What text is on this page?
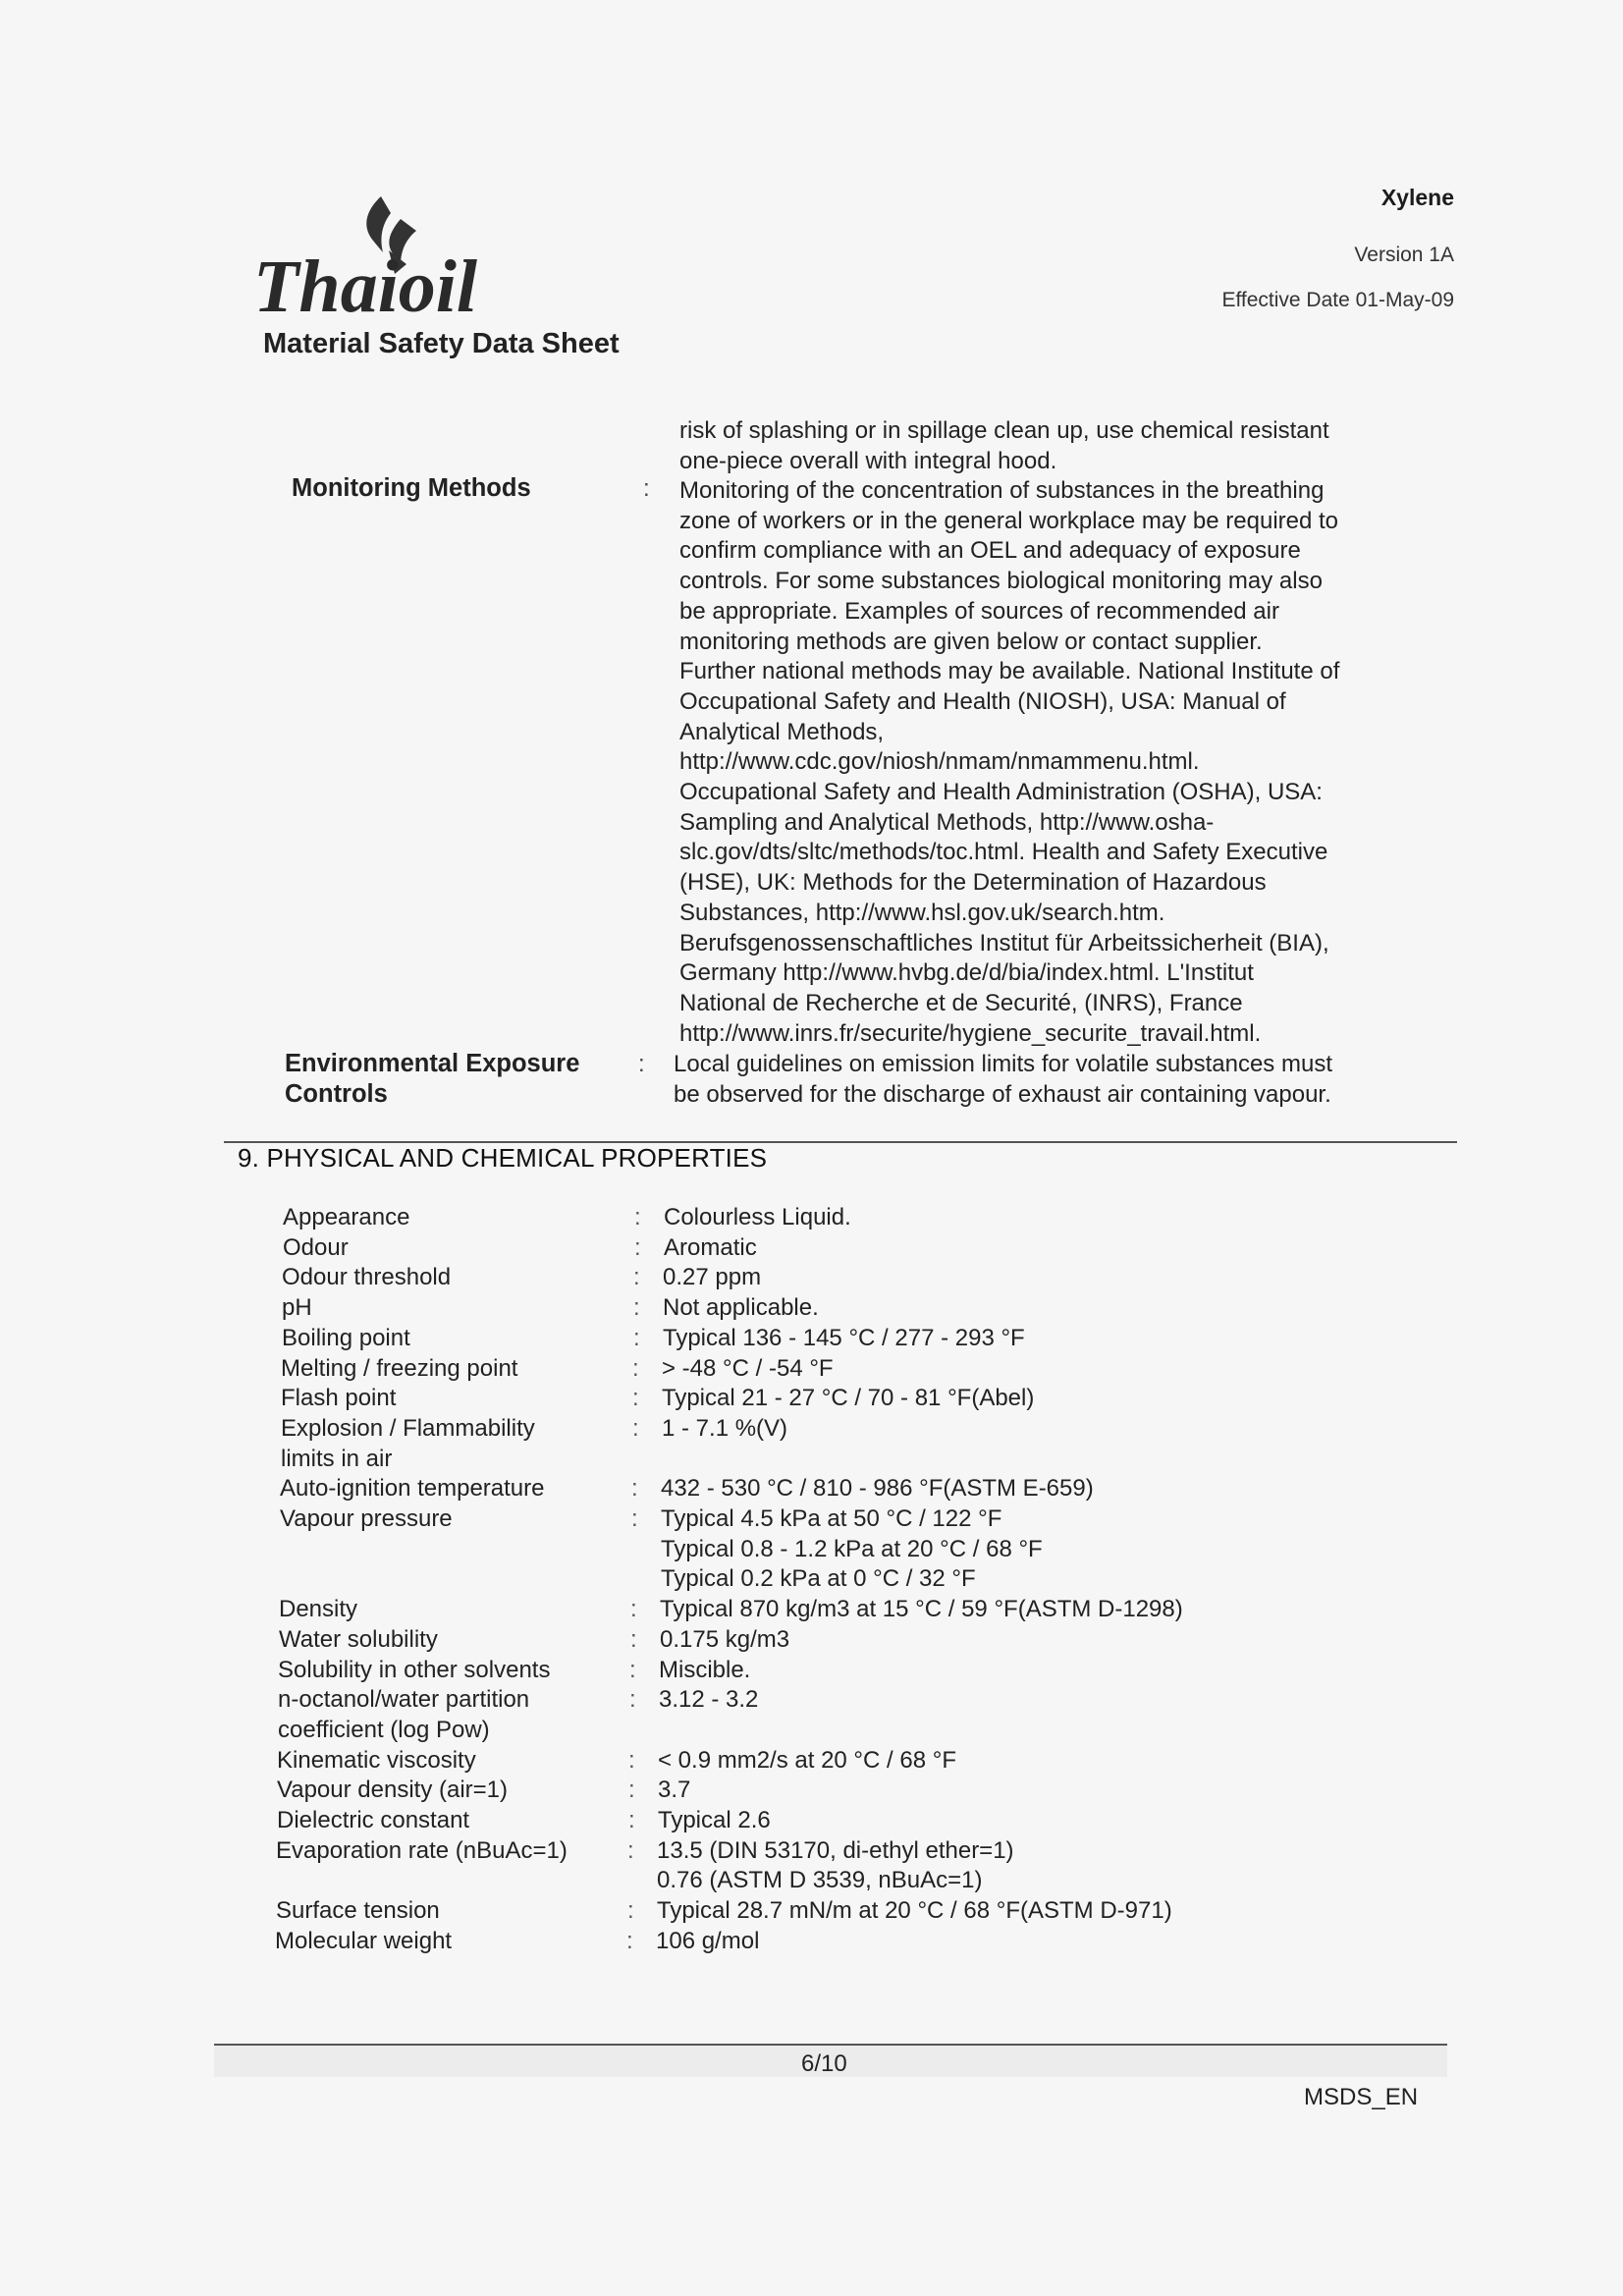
Thaioil
Material Safety Data Sheet
Xylene
Version 1A
Effective Date 01-May-09
risk of splashing or in spillage clean up, use chemical resistant
one-piece overall with integral hood.
Monitoring Methods	: Monitoring of the concentration of substances in the breathing
zone of workers or in the general workplace may be required to
confirm compliance with an OEL and adequacy of exposure
controls. For some substances biological monitoring may also
be appropriate. Examples of sources of recommended air
monitoring methods are given below or contact supplier.
Further national methods may be available. National Institute of
Occupational Safety and Health (NIOSH), USA: Manual of
Analytical Methods,
http://www.cdc.gov/niosh/nmam/nmammenu.html.
Occupational Safety and Health Administration (OSHA), USA:
Sampling and Analytical Methods, http://www.osha-
slc.gov/dts/sltc/methods/toc.html. Health and Safety Executive
(HSE), UK: Methods for the Determination of Hazardous
Substances, http://www.hsl.gov.uk/search.htm.
Berufsgenossenschaftliches Institut für Arbeitssicherheit (BIA),
Germany http://www.hvbg.de/d/bia/index.html. L'Institut
National de Recherche et de Securité, (INRS), France
http://www.inrs.fr/securite/hygiene_securite_travail.html.
Environmental Exposure
Controls
: Local guidelines on emission limits for volatile substances must
be observed for the discharge of exhaust air containing vapour.
9. PHYSICAL AND CHEMICAL PROPERTIES
Appearance	: Colourless Liquid.
Odour	: Aromatic
Odour threshold	: 0.27 ppm
pH	: Not applicable.
Boiling point	: Typical 136 - 145 °C / 277 - 293 °F
Melting / freezing point	: > -48 °C / -54 °F
Flash point	: Typical 21 - 27 °C / 70 - 81 °F(Abel)
Explosion / Flammability
limits in air
: 1 - 7.1 %(V)
Auto-ignition temperature	: 432 - 530 °C / 810 - 986 °F(ASTM E-659)
Vapour pressure	: Typical 4.5 kPa at 50 °C / 122 °F
Typical 0.8 - 1.2 kPa at 20 °C / 68 °F
Typical 0.2 kPa at 0 °C / 32 °F
Density	: Typical 870 kg/m3 at 15 °C / 59 °F(ASTM D-1298)
Water solubility	: 0.175 kg/m3
Solubility in other solvents	: Miscible.
n-octanol/water partition
coefficient (log Pow)
: 3.12 - 3.2
Kinematic viscosity	: < 0.9 mm2/s at 20 °C / 68 °F
Vapour density (air=1)	: 3.7
Dielectric constant	: Typical 2.6
Evaporation rate (nBuAc=1)	: 13.5 (DIN 53170, di-ethyl ether=1)
0.76 (ASTM D 3539, nBuAc=1)
Surface tension	: Typical 28.7 mN/m at 20 °C / 68 °F(ASTM D-971)
Molecular weight	: 106 g/mol
6/10
MSDS_EN
